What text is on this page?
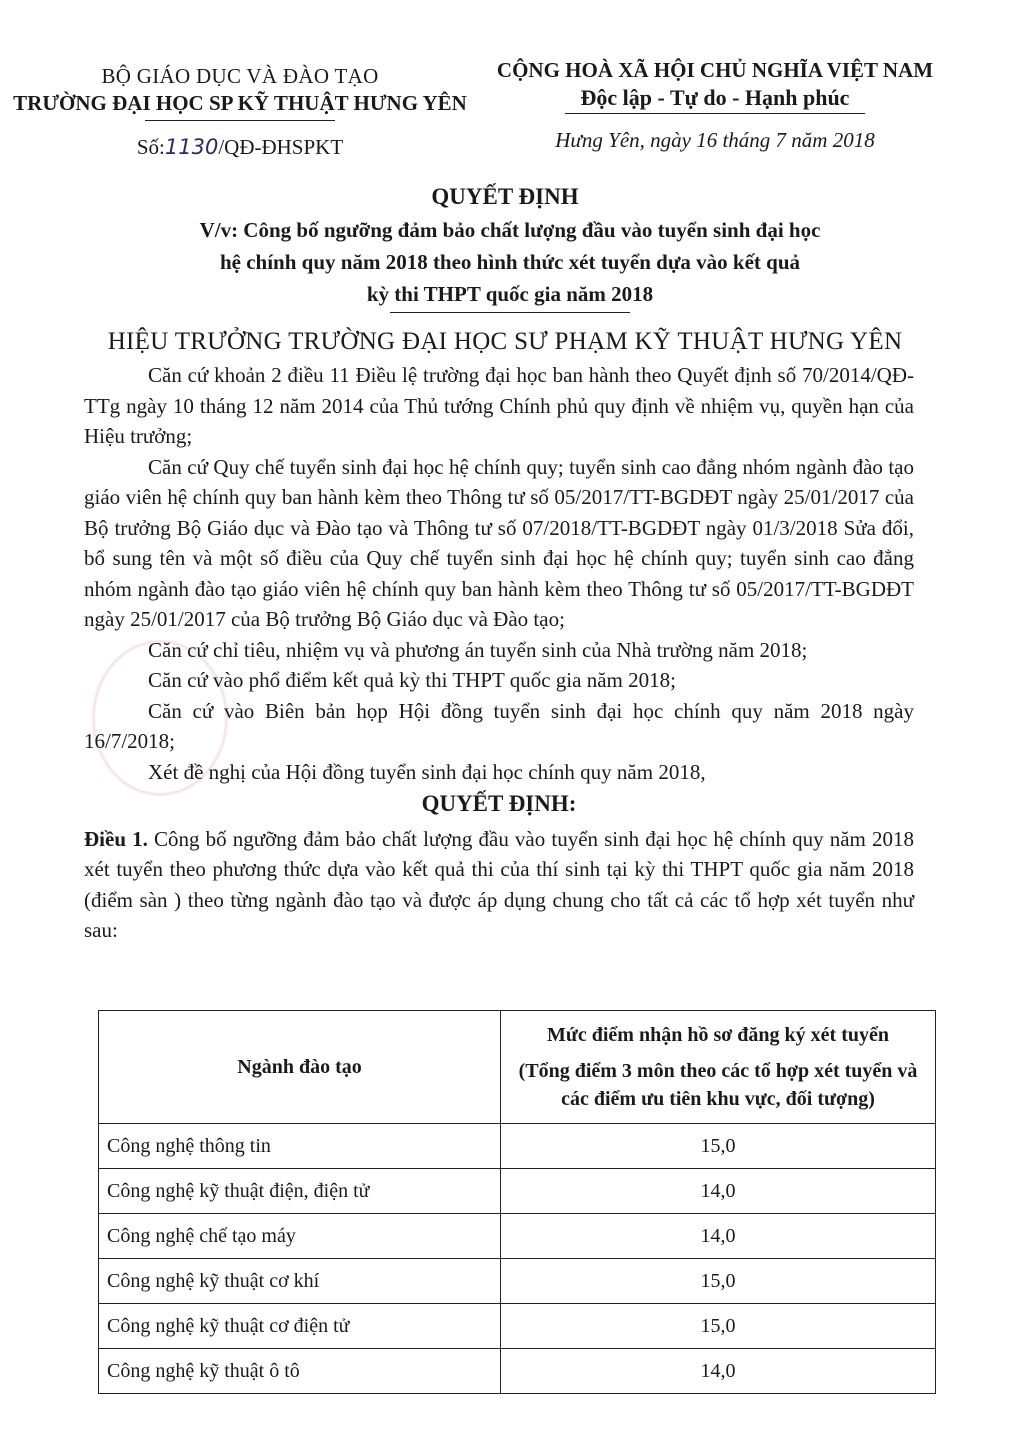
BỘ GIÁO DỤC VÀ ĐÀO TẠO
TRƯỜNG ĐẠI HỌC SP KỸ THUẬT HƯNG YÊN
Số:1130/QĐ-ĐHSPKT
CỘNG HOÀ XÃ HỘI CHỦ NGHĨA VIỆT NAM
Độc lập - Tự do - Hạnh phúc
Hưng Yên, ngày 16 tháng 7 năm 2018
QUYẾT ĐỊNH
V/v: Công bố ngưỡng đảm bảo chất lượng đầu vào tuyển sinh đại học
hệ chính quy năm 2018 theo hình thức xét tuyển dựa vào kết quả
kỳ thi THPT quốc gia năm 2018
HIỆU TRƯỞNG TRƯỜNG ĐẠI HỌC SƯ PHẠM KỸ THUẬT HƯNG YÊN

Căn cứ khoản 2 điều 11 Điều lệ trường đại học ban hành theo Quyết định số 70/2014/QĐ-TTg ngày 10 tháng 12 năm 2014 của Thủ tướng Chính phủ quy định về nhiệm vụ, quyền hạn của Hiệu trưởng;

Căn cứ Quy chế tuyển sinh đại học hệ chính quy; tuyển sinh cao đẳng nhóm ngành đào tạo giáo viên hệ chính quy ban hành kèm theo Thông tư số 05/2017/TT-BGDĐT ngày 25/01/2017 của Bộ trưởng Bộ Giáo dục và Đào tạo và Thông tư số 07/2018/TT-BGDĐT ngày 01/3/2018 Sửa đổi, bổ sung tên và một số điều của Quy chế tuyển sinh đại học hệ chính quy; tuyển sinh cao đẳng nhóm ngành đào tạo giáo viên hệ chính quy ban hành kèm theo Thông tư số 05/2017/TT-BGDĐT ngày 25/01/2017 của Bộ trưởng Bộ Giáo dục và Đào tạo;

Căn cứ chỉ tiêu, nhiệm vụ và phương án tuyển sinh của Nhà trường năm 2018;

Căn cứ vào phổ điểm kết quả kỳ thi THPT quốc gia năm 2018;

Căn cứ vào Biên bản họp Hội đồng tuyển sinh đại học chính quy năm 2018 ngày 16/7/2018;

Xét đề nghị của Hội đồng tuyển sinh đại học chính quy năm 2018,

QUYẾT ĐỊNH:

Điều 1. Công bố ngưỡng đảm bảo chất lượng đầu vào tuyển sinh đại học hệ chính quy năm 2018 xét tuyển theo phương thức dựa vào kết quả thi của thí sinh tại kỳ thi THPT quốc gia năm 2018 (điểm sàn ) theo từng ngành đào tạo và được áp dụng chung cho tất cả các tổ hợp xét tuyển như sau:

Ngành đào tạo	Mức điểm nhận hồ sơ đăng ký xét tuyển
(Tổng điểm 3 môn theo các tổ hợp xét tuyển và các điểm ưu tiên khu vực, đối tượng)

Công nghệ thông tin	15,0
Công nghệ kỹ thuật điện, điện tử	14,0
Công nghệ chế tạo máy	14,0
Công nghệ kỹ thuật cơ khí	15,0
Công nghệ kỹ thuật cơ điện tử	15,0
Công nghệ kỹ thuật ô tô	14,0
